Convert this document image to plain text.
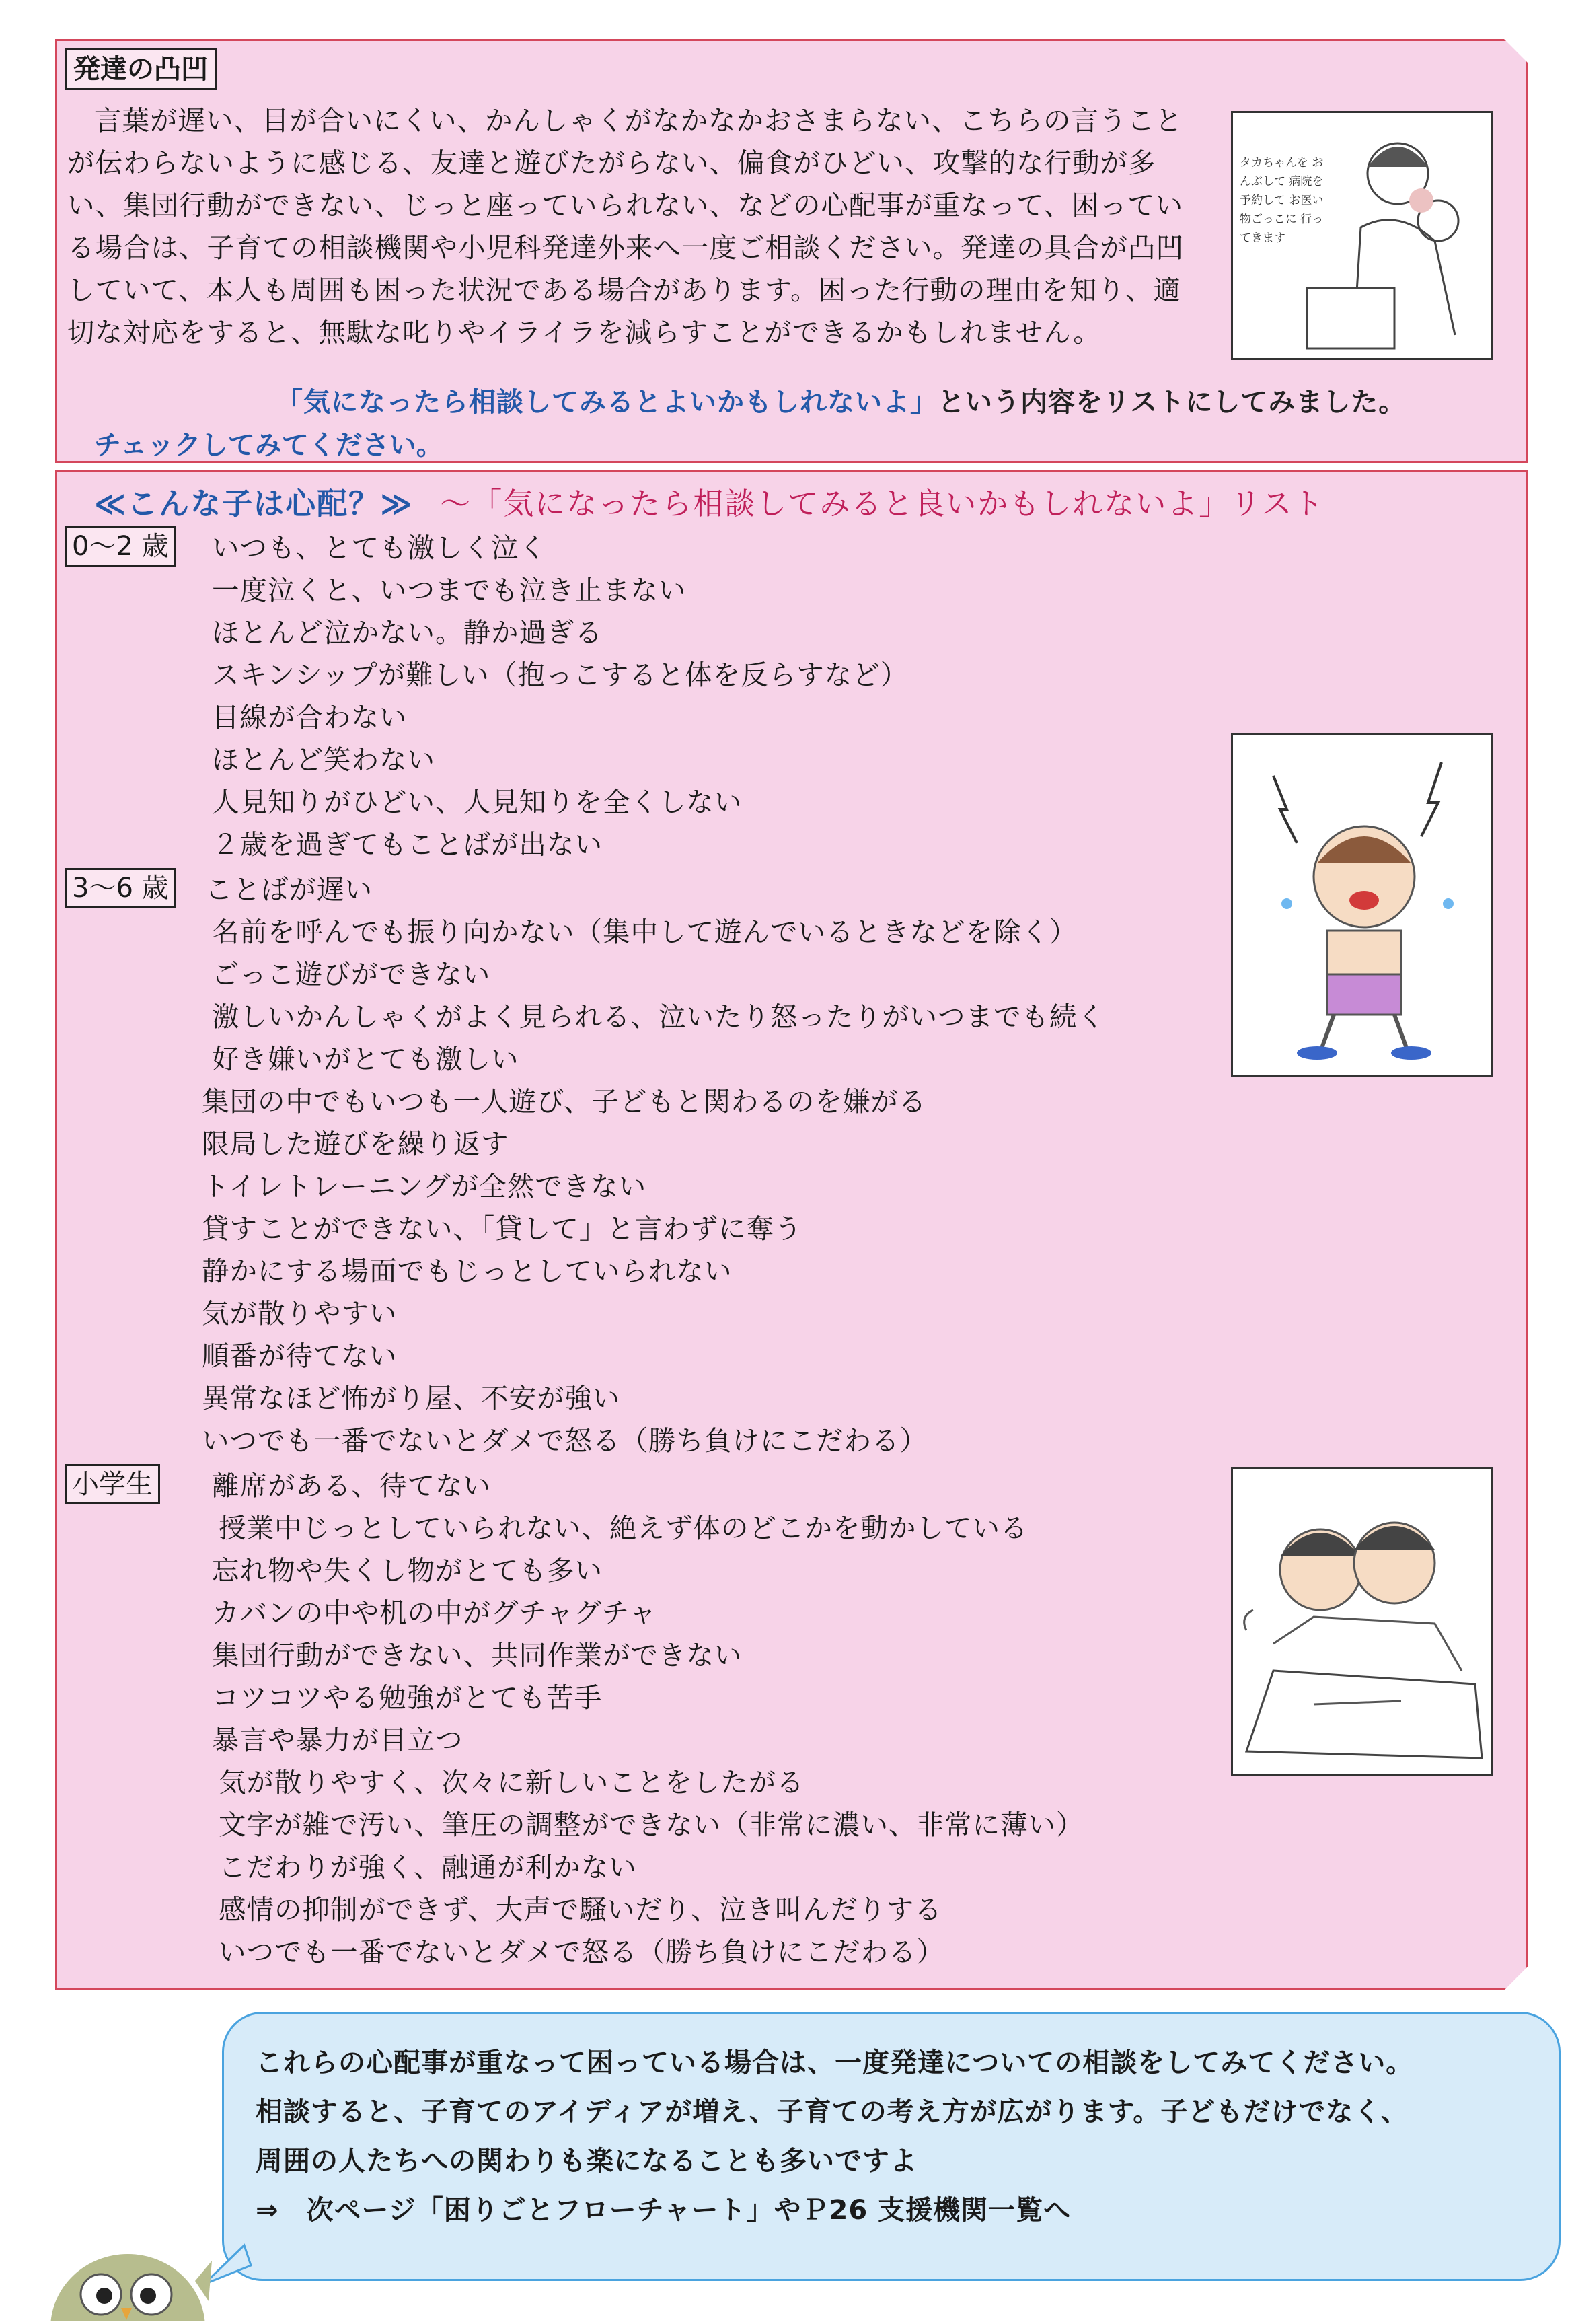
発達の凸凹

言葉が遅い、目が合いにくい、かんしゃくがなかなかおさまらない、こちらの言うことが伝わらないように感じる、友達と遊びたがらない、偏食がひどい、攻撃的な行動が多い、集団行動ができない、じっと座っていられない、などの心配事が重なって、困っている場合は、子育ての相談機関や小児科発達外来へ一度ご相談ください。発達の具合が凸凹していて、本人も周囲も困った状況である場合があります。困った行動の理由を知り、適切な対応をすると、無駄な叱りやイライラを減らすことができるかもしれません。

タカちゃんを おんぶして 病院を予約して お医い物ごっこに 行ってきます
「気になったら相談してみるとよいかもしれないよ」という内容をリストにしてみました。
チェックしてみてください。
≪こんな子は心配？≫ ～「気になったら相談してみると良いかもしれないよ」リスト
0～2 歳 いつも、とても激しく泣く
一度泣くと、いつまでも泣き止まない
ほとんど泣かない。静か過ぎる
スキンシップが難しい（抱っこすると体を反らすなど）
目線が合わない
ほとんど笑わない
人見知りがひどい、人見知りを全くしない
２歳を過ぎてもことばが出ない
3～6 歳 ことばが遅い
名前を呼んでも振り向かない（集中して遊んでいるときなどを除く）
ごっこ遊びができない
激しいかんしゃくがよく見られる、泣いたり怒ったりがいつまでも続く
好き嫌いがとても激しい
集団の中でもいつも一人遊び、子どもと関わるのを嫌がる
限局した遊びを繰り返す
トイレトレーニングが全然できない
貸すことができない、「貸して」と言わずに奪う
静かにする場面でもじっとしていられない
気が散りやすい
順番が待てない
異常なほど怖がり屋、不安が強い
いつでも一番でないとダメで怒る（勝ち負けにこだわる）
小学生 離席がある、待てない
授業中じっとしていられない、絶えず体のどこかを動かしている
忘れ物や失くし物がとても多い
カバンの中や机の中がグチャグチャ
集団行動ができない、共同作業ができない
コツコツやる勉強がとても苦手
暴言や暴力が目立つ
気が散りやすく、次々に新しいことをしたがる
文字が雑で汚い、筆圧の調整ができない（非常に濃い、非常に薄い）
こだわりが強く、融通が利かない
感情の抑制ができず、大声で騒いだり、泣き叫んだりする
いつでも一番でないとダメで怒る（勝ち負けにこだわる）
これらの心配事が重なって困っている場合は、一度発達についての相談をしてみてください。
相談すると、子育てのアイディアが増え、子育ての考え方が広がります。子どもだけでなく、
周囲の人たちへの関わりも楽になることも多いですよ
⇒　次ページ「困りごとフローチャート」やＰ26 支援機関一覧へ
